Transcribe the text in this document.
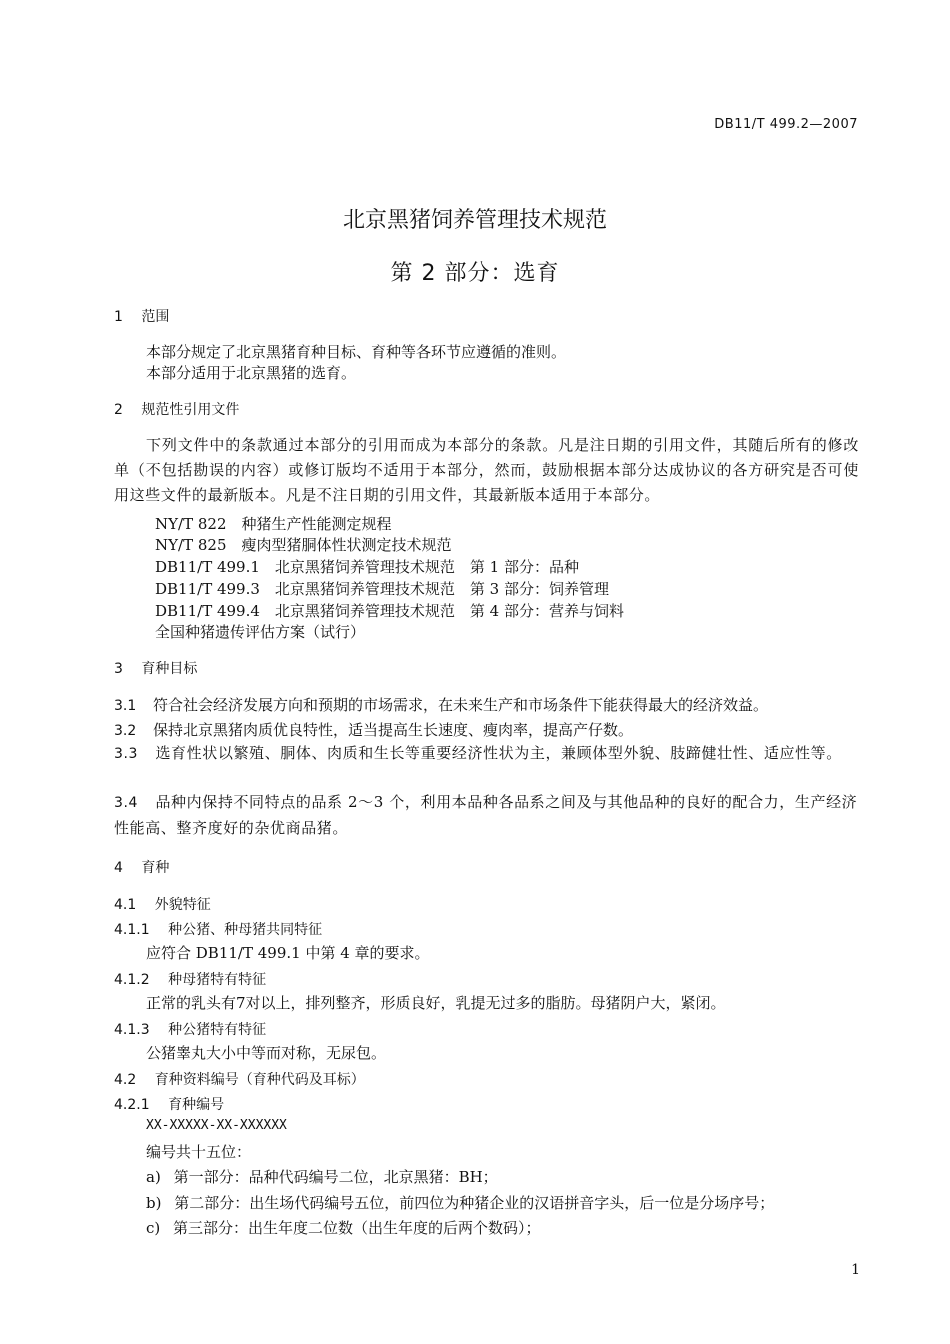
DB11/T 499.2—2007
北京黑猪饲养管理技术规范
第 2 部分：选育
1 范围
本部分规定了北京黑猪育种目标、育种等各环节应遵循的准则。
本部分适用于北京黑猪的选育。
2 规范性引用文件
下列文件中的条款通过本部分的引用而成为本部分的条款。凡是注日期的引用文件，其随后所有的修改单（不包括勘误的内容）或修订版均不适用于本部分，然而，鼓励根据本部分达成协议的各方研究是否可使用这些文件的最新版本。凡是不注日期的引用文件，其最新版本适用于本部分。
NY/T 822　种猪生产性能测定规程
NY/T 825　瘦肉型猪胴体性状测定技术规范
DB11/T 499.1　北京黑猪饲养管理技术规范　第 1 部分：品种
DB11/T 499.3　北京黑猪饲养管理技术规范　第 3 部分：饲养管理
DB11/T 499.4　北京黑猪饲养管理技术规范　第 4 部分：营养与饲料
全国种猪遗传评估方案（试行）
3 育种目标
3.1 符合社会经济发展方向和预期的市场需求，在未来生产和市场条件下能获得最大的经济效益。
3.2 保持北京黑猪肉质优良特性，适当提高生长速度、瘦肉率，提高产仔数。
3.3 选育性状以繁殖、胴体、肉质和生长等重要经济性状为主，兼顾体型外貌、肢蹄健壮性、适应性等。
3.4 品种内保持不同特点的品系 2～3 个，利用本品种各品系之间及与其他品种的良好的配合力，生产经济性能高、整齐度好的杂优商品猪。
4 育种
4.1 外貌特征
4.1.1 种公猪、种母猪共同特征
应符合 DB11/T 499.1 中第 4 章的要求。
4.1.2 种母猪特有特征
正常的乳头有7对以上，排列整齐，形质良好，乳提无过多的脂肪。母猪阴户大，紧闭。
4.1.3 种公猪特有特征
公猪睾丸大小中等而对称，无尿包。
4.2 育种资料编号（育种代码及耳标）
4.2.1 育种编号
XX-XXXXX-XX-XXXXXX
编号共十五位：
a) 第一部分：品种代码编号二位，北京黑猪：BH；
b) 第二部分：出生场代码编号五位，前四位为种猪企业的汉语拼音字头，后一位是分场序号；
c) 第三部分：出生年度二位数（出生年度的后两个数码）；
1
